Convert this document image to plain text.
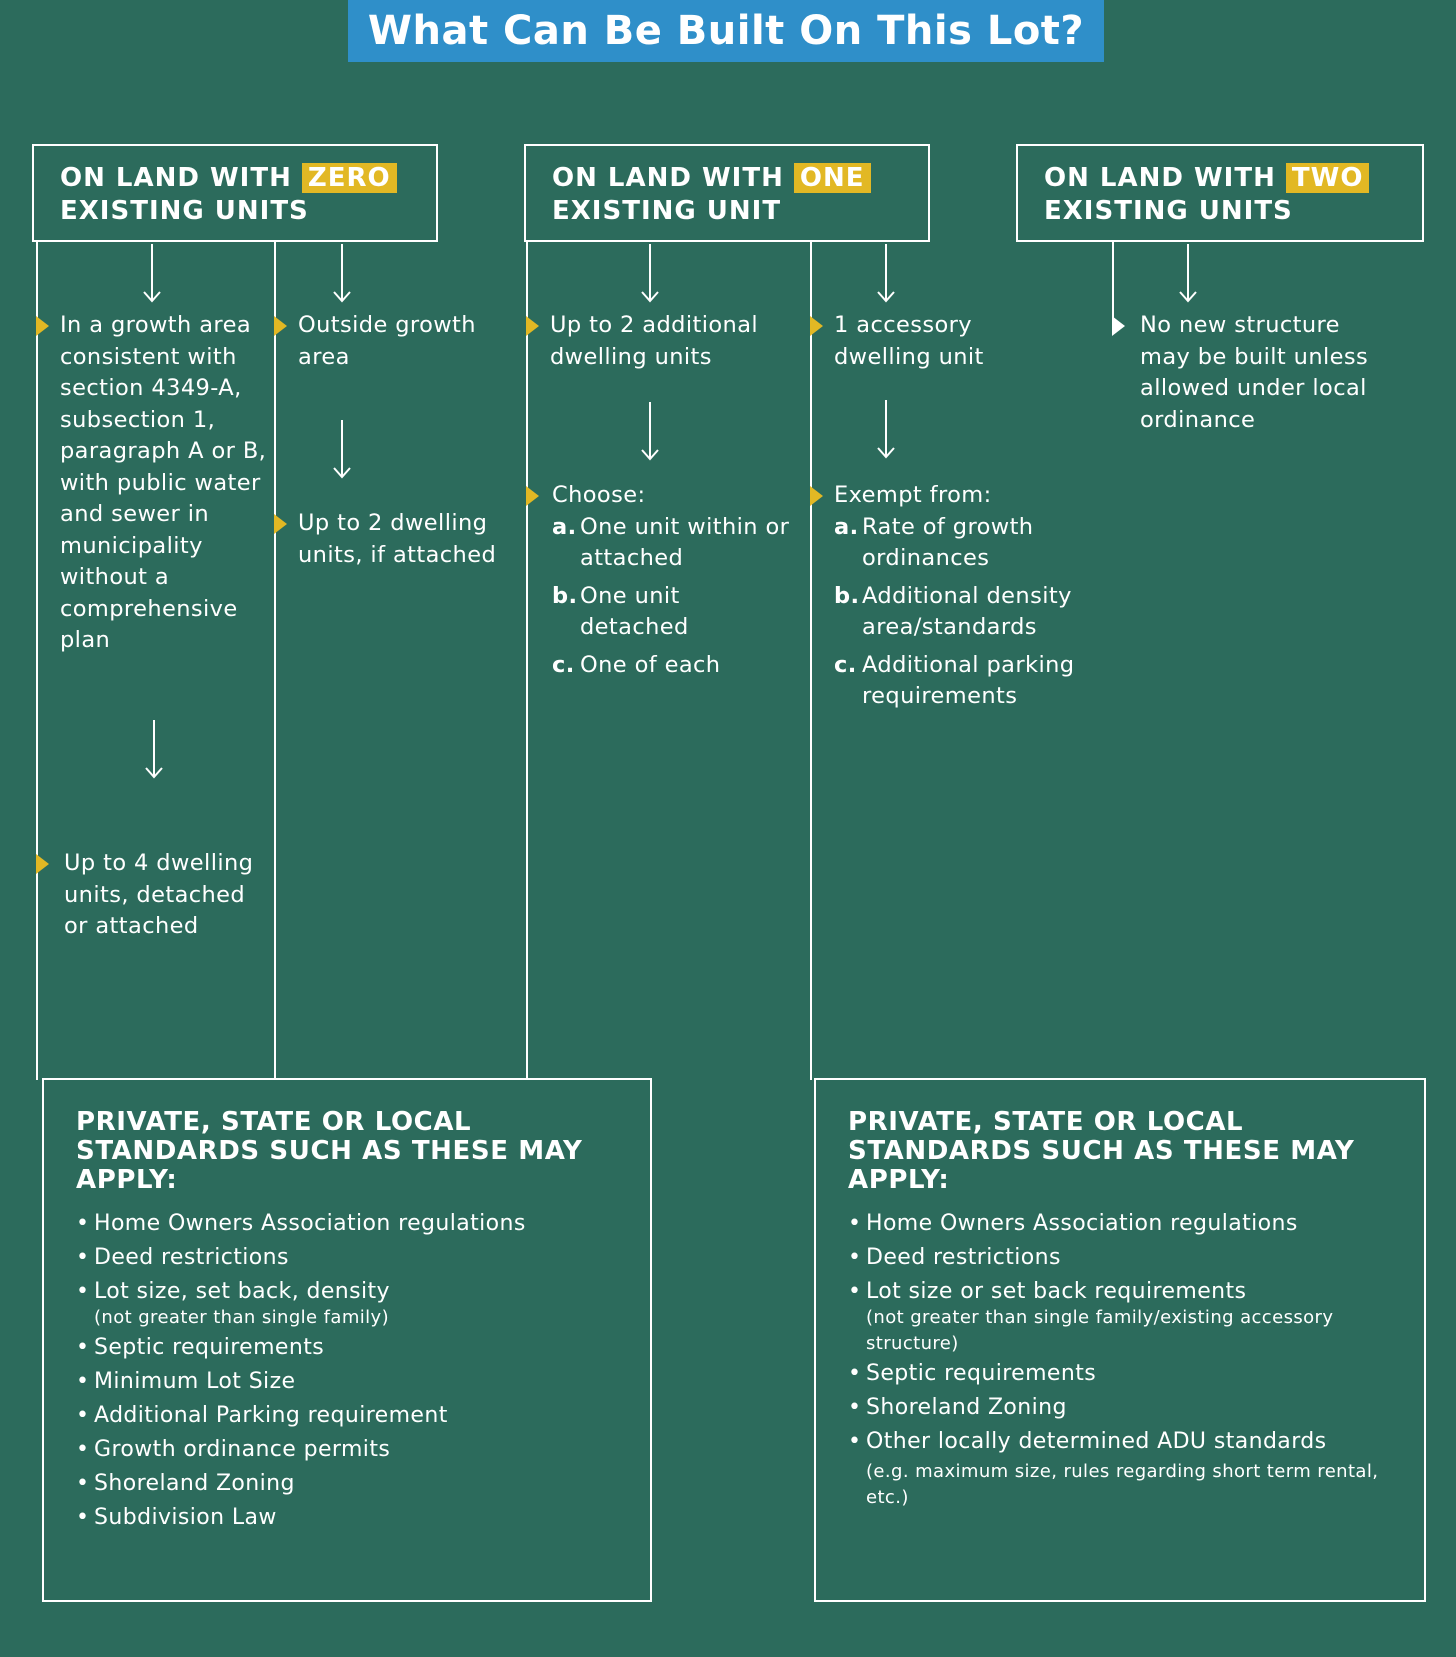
What Can Be Built On This Lot?
ON LAND WITH ZERO
EXISTING UNITS
ON LAND WITH ONE
EXISTING UNIT
ON LAND WITH TWO
EXISTING UNITS
In a growth area consistent with section 4349-A, subsection 1, paragraph A or B, with public water and sewer in municipality without a comprehensive plan
Up to 4 dwelling units, detached or attached
Outside growth area
Up to 2 dwelling units, if attached
Up to 2 additional dwelling units
Choose:
a. One unit within or attached
b. One unit detached
c. One of each
1 accessory dwelling unit
Exempt from:
a. Rate of growth ordinances
b. Additional density area/standards
c. Additional parking requirements
No new structure may be built unless allowed under local ordinance
PRIVATE, STATE OR LOCAL STANDARDS SUCH AS THESE MAY APPLY:
• Home Owners Association regulations
• Deed restrictions
• Lot size, set back, density
(not greater than single family)
• Septic requirements
• Minimum Lot Size
• Additional Parking requirement
• Growth ordinance permits
• Shoreland Zoning
• Subdivision Law
PRIVATE, STATE OR LOCAL STANDARDS SUCH AS THESE MAY APPLY:
• Home Owners Association regulations
• Deed restrictions
• Lot size or set back requirements
(not greater than single family/existing accessory structure)
• Septic requirements
• Shoreland Zoning
• Other locally determined ADU standards
(e.g. maximum size, rules regarding short term rental, etc.)
